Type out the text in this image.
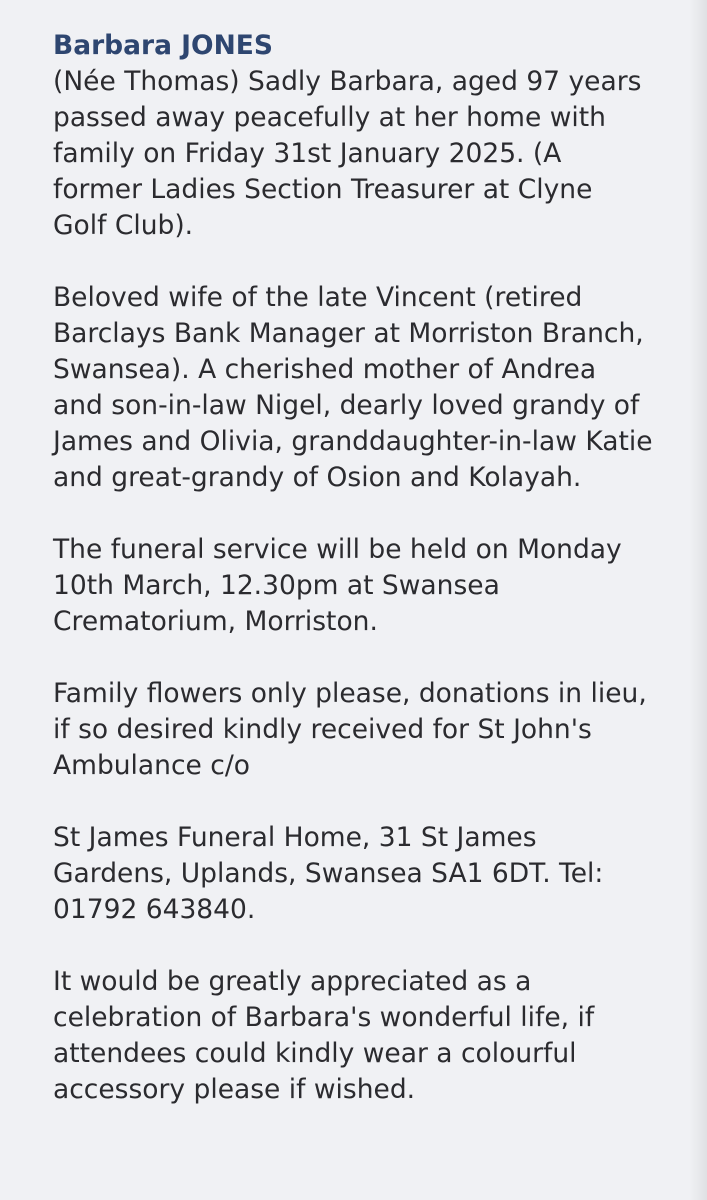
Barbara JONES

(Née Thomas) Sadly Barbara, aged 97 years passed away peacefully at her home with family on Friday 31st January 2025. (A former Ladies Section Treasurer at Clyne Golf Club).

Beloved wife of the late Vincent (retired Barclays Bank Manager at Morriston Branch, Swansea). A cherished mother of Andrea and son-in-law Nigel, dearly loved grandy of James and Olivia, granddaughter-in-law Katie and great-grandy of Osion and Kolayah.

The funeral service will be held on Monday 10th March, 12.30pm at Swansea Crematorium, Morriston.

Family flowers only please, donations in lieu, if so desired kindly received for St John's Ambulance c/o

St James Funeral Home, 31 St James Gardens, Uplands, Swansea SA1 6DT. Tel: 01792 643840.

It would be greatly appreciated as a celebration of Barbara's wonderful life, if attendees could kindly wear a colourful accessory please if wished.
